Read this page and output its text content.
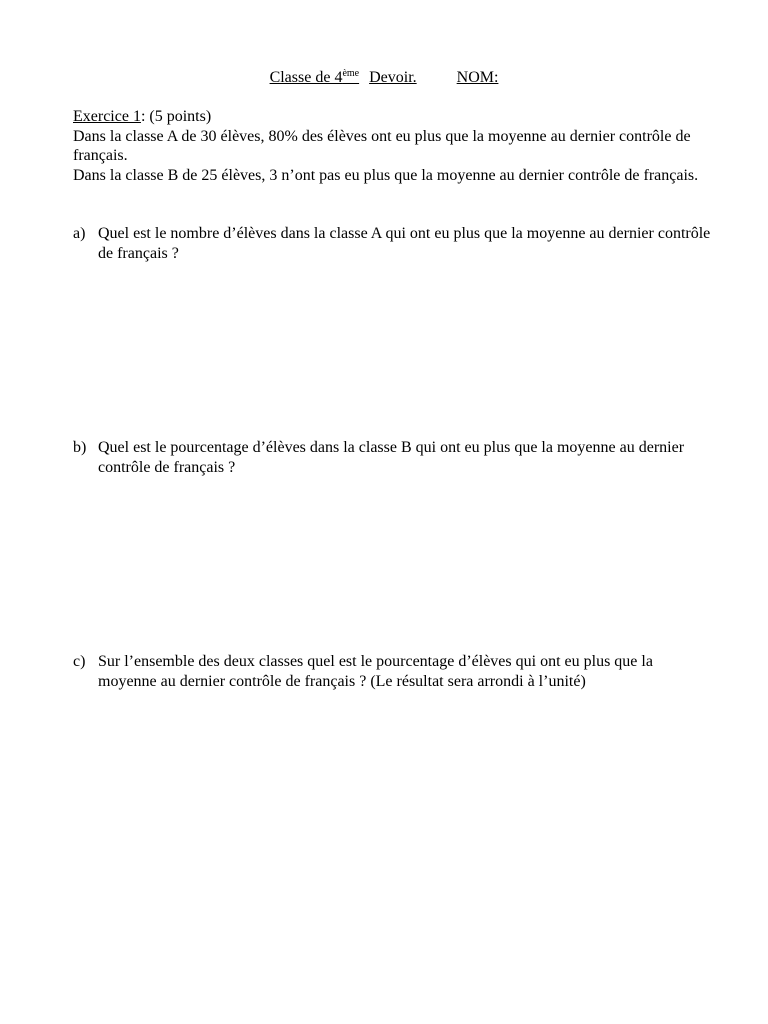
Classe de 4ème Devoir.	NOM:

Exercice 1: (5 points)

Dans la classe A de 30 élèves, 80% des élèves ont eu plus que la moyenne au dernier contrôle de français.

Dans la classe B de 25 élèves, 3 n’ont pas eu plus que la moyenne au dernier contrôle de français.

a) Quel est le nombre d’élèves dans la classe A qui ont eu plus que la moyenne au dernier contrôle de français ?
b) Quel est le pourcentage d’élèves dans la classe B qui ont eu plus que la moyenne au dernier contrôle de français ?
c) Sur l’ensemble des deux classes quel est le pourcentage d’élèves qui ont eu plus que la moyenne au dernier contrôle de français ? (Le résultat sera arrondi à l’unité)
